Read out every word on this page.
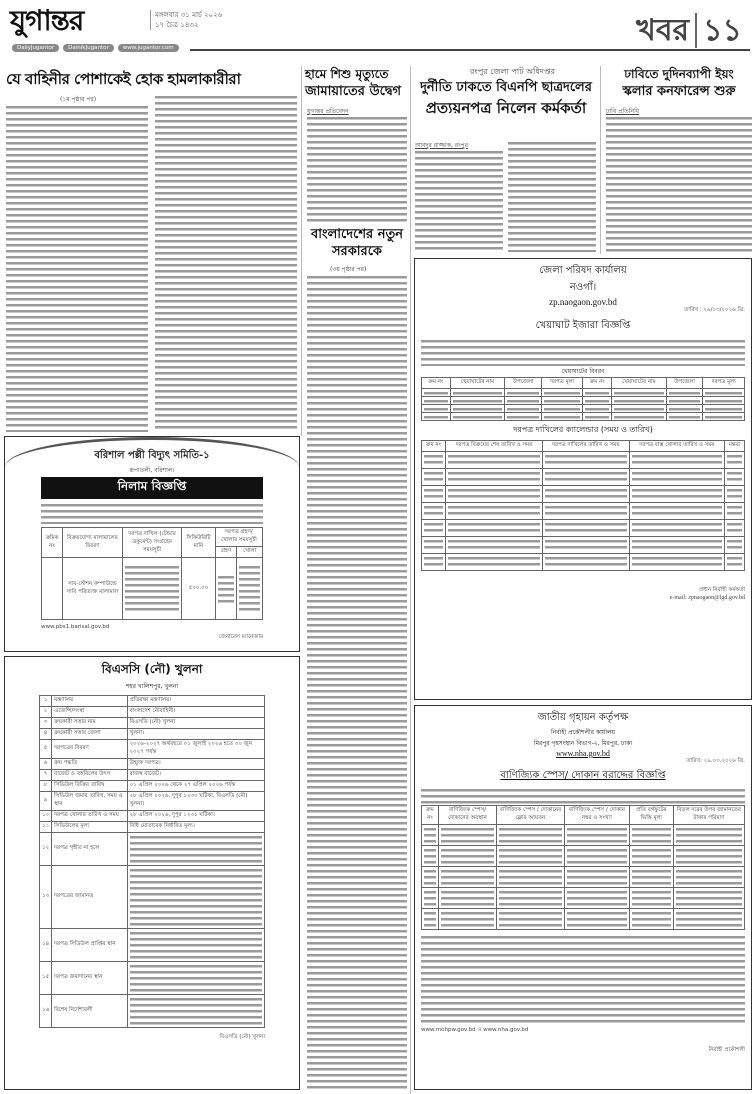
যুগান্তর	মঙ্গলবার ৩১ মার্চ ২০২৬
১৭ চৈত্র ১৪৩২
DailyJugantor	DainikJugantor	www.jugantor.com	খবর ১১
যে বাহিনীর পোশাকেই হোক হামলাকারীরা
(১ম পৃষ্ঠার পর)
হামে শিশু মৃত্যুতে
জামায়াতের উদ্বেগ
যুগান্তর প্রতিবেদন
বাংলাদেশের নতুন
সরকারকে
(৩য় পৃষ্ঠার পর)
রংপুর জেলা পাট অধিদপ্তর
দুর্নীতি ঢাকতে বিএনপি ছাত্রদলের
প্রত্যয়নপত্র নিলেন কর্মকর্তা
আবদুর রাজ্জাক, রংপুর
ঢাবিতে দুদিনব্যাপী ইয়ং
স্কলার কনফারেন্স শুরু
ঢাবি প্রতিনিধি
বরিশাল পল্লী বিদ্যুৎ সমিতি-১
রূপাতলী, বরিশাল।
নিলাম বিজ্ঞপ্তি
ক্রমিক নং	বিক্রয়যোগ্য মালামালের বিবরণ	দরপত্র দাখিল (টেন্ডার ডকুমেন্ট) সংগ্রহের সময়সূচী	সিকিউরিটি মানি	দরপত্র গ্রহণ/খোলার সময়সূচী	
				গ্রহণ	খোলা
	সাব-স্টেশন কম্পাউন্ডে সাবি পরিত্যক্ত মালামাল		৫০০.০০	

www.pbs1.barisal.gov.bd
জেনারেল ম্যানেজার
বিএসসি (নৌ) খুলনা
শহর খালিশপুর, খুলনা
১	মন্ত্রণালয়	প্রতিরক্ষা মন্ত্রণালয়।
২	এজেন্সি/সংস্থা	বাংলাদেশ নৌবাহিনী।
৩	ক্রয়কারী সত্তার নাম	বিএসডি (নৌ) খুলনা
৪	ক্রয়কারী সত্তার জেলা	খুলনা।
৫	দরপত্রের বিবরণ	২০২৬-২০২৭ অর্থবছরে ০১ জুলাই ২০২৬ হতে ৩০ জুন ২০২৭ পর্যন্ত
৬	ক্রয় পদ্ধতি	উন্মুক্ত দরপত্র।
৭	বাজেট ও তহবিলের উৎস	রাজস্ব বাজেট।
৮	সিডিউল বিক্রির তারিখ	০১ এপ্রিল ২০২৬ থেকে ২৭ এপ্রিল ২০২৬ পর্যন্ত
৯	সিডিউল জমার তারিখ, সময় ও স্থান	২৮ এপ্রিল ২০২৬, দুপুর ১২৩০ ঘটিকা, বিএসডি (নৌ) খুলনা।
১০	দরপত্র খোলার তারিখ ও সময়	২৮ এপ্রিল ২০২৬, দুপুর ১২৩১ ঘটিকা।
১১	সিডিউলের মূল্য	বিধি মোতাবেক নির্ধারিত মূল্য।
১২	দরপত্র গৃহীত না হলে	

১৩	দরপত্রের জামানত	

১৪	দরপত্র সিডিউল প্রাপ্তির স্থান	

১৫	দরপত্র জমাদানের স্থান	

১৬	বিশেষ নির্দেশাবলী	
বিএসডি (নৌ) খুলনা
জেলা পরিষদ কার্যালয়
নওগাঁ।
zp.naogaon.gov.bd
তারিখ : ২৯/০৩/২০২৬ খ্রি:
খেয়াঘাট ইজারা বিজ্ঞপ্তি
খেয়াঘাটের বিবরণ
ক্রম নং	খেয়াঘাটের নাম	উপজেলা	দরপত্র মূল্য	ক্রম নং	খেয়াঘাটের নাম	উপজেলা	দরপত্র মূল্য

দরপত্র দাখিলের ক্যালেন্ডার (সময় ও তারিখ)
ক্রম নং	দরপত্র বিক্রয়ের শেষ তারিখ ও সময়	দরপত্র দাখিলের তারিখ ও সময়	দরপত্র বাক্স খোলার তারিখ ও সময়	মন্তব্য

প্রধান নির্বাহী কর্মকর্তা
e-mail: zpnaogaon@lgd.gov.bd
জাতীয় গৃহায়ন কর্তৃপক্ষ
নির্বাহী প্রকৌশলীর কার্যালয়
মিরপুর গৃহসংস্থান বিভাগ-২, মিরপুর, ঢাকা
www.nha.gov.bd
তারিখ: ২৯.০৩.২০২৬ খ্রি.
বাণিজ্যিক স্পেস/ দোকান বরাদ্দের বিজ্ঞপ্তি
ক্রম নং	বাণিজ্যিক স্পেস/দোকানের অবস্থান	বাণিজ্যিক স্পেস / দোকানের ফ্লোর আয়তন	বাণিজ্যিক স্পেস / দোকান নম্বর ও সংখ্যা	প্রতি বর্গফুটের ভিত্তি মূল্য	বিড়ল দরের উপর জামানতের টাকার পরিমাণ

www.mohpw.gov.bd ও www.nha.gov.bd
নির্বাহী প্রকৌশলী
